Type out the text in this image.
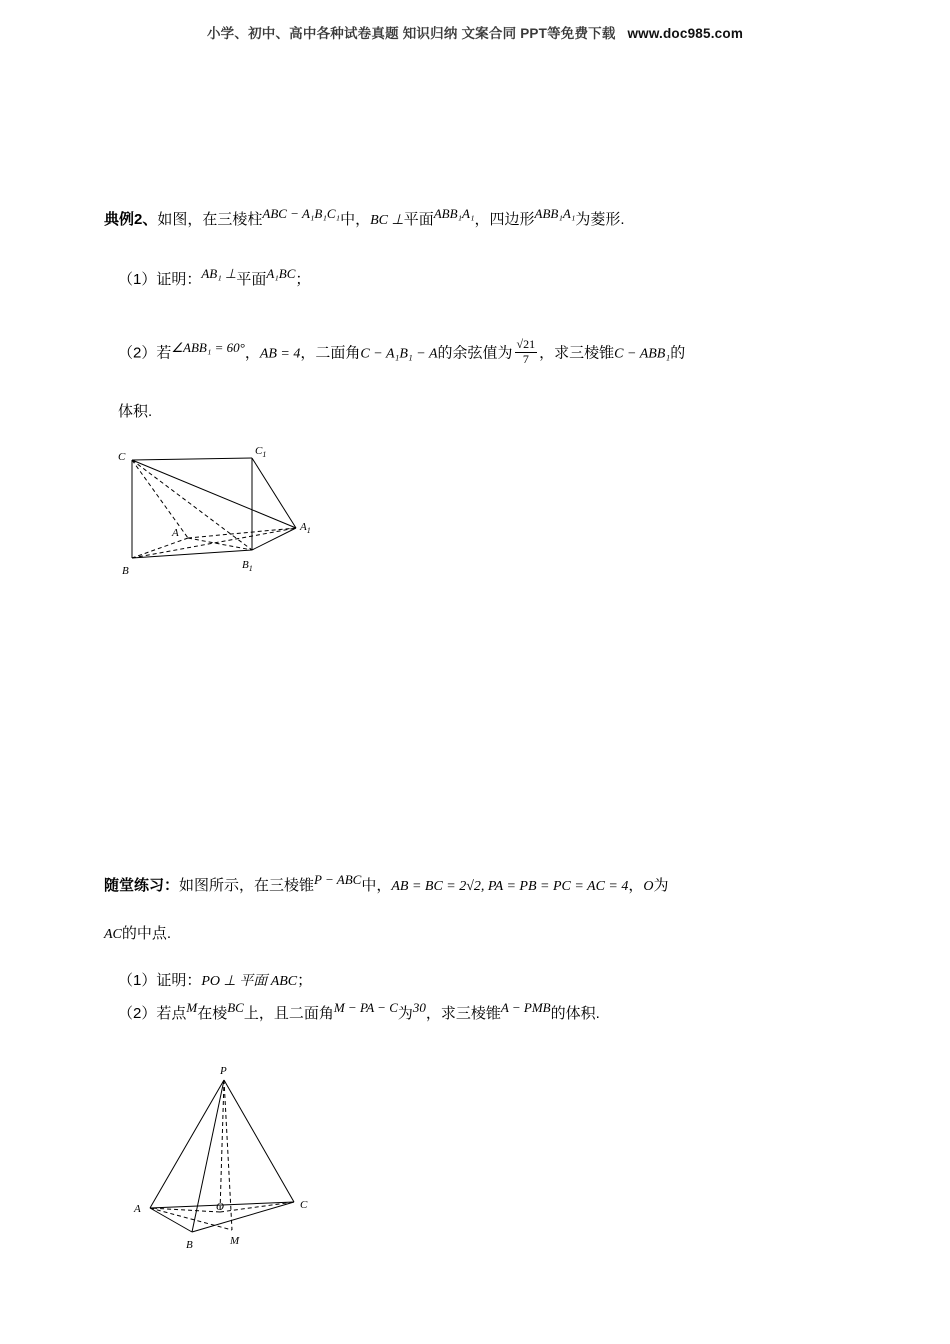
小学、初中、高中各种试卷真题 知识归纳 文案合同 PPT等免费下载 www.doc985.com
典例2、如图，在三棱柱ABC − A₁B₁C₁中，BC ⊥平面ABB₁A₁，四边形ABB₁A₁为菱形.
（1）证明：AB₁ ⊥平面A₁BC；
（2）若∠ABB₁ = 60°，AB = 4，二面角C − A₁B₁ − A的余弦值为 $\frac{√21}{7}$ ，求三棱锥C − ABB₁的
体积.
C	$C_1$
A	$A_1$
B	$B_1$
随堂练习：如图所示，在三棱锥P − ABC中，AB = BC = 2√2, PA = PB = PC = AC = 4，O为
AC的中点.
（1）证明：PO ⊥ 平面 ABC；
（2）若点M在棱BC上，且二面角M − PA − C为30，求三棱锥A − PMB的体积.
P
A	O	C
B	M
